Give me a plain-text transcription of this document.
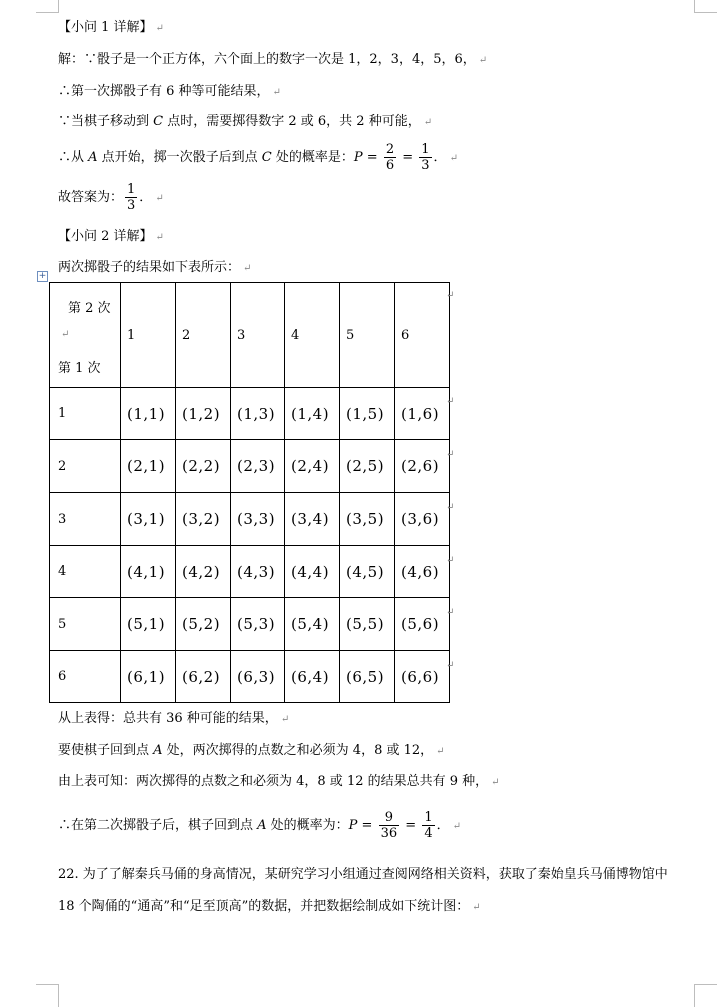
【小问 1 详解】 ↵
解：∵骰子是一个正方体，六个面上的数字一次是 1，2，3，4，5，6， ↵
∴第一次掷骰子有 6 种等可能结果， ↵
∵当棋子移动到 C 点时，需要掷得数字 2 或 6，共 2 种可能， ↵
∴从 A 点开始，掷一次骰子后到点 C 处的概率是：$P = \frac{2}{6} = \frac{1}{3}$ ． ↵
故答案为： $\frac{1}{3}$ ． ↵
【小问 2 详解】 ↵
两次掷骰子的结果如下表所示： ↵
+
第 2 次
↵
第 1 次	1	2	3	4	5	6
1	(1,1)	(1,2)	(1,3)	(1,4)	(1,5)	(1,6)
2	(2,1)	(2,2)	(2,3)	(2,4)	(2,5)	(2,6)
3	(3,1)	(3,2)	(3,3)	(3,4)	(3,5)	(3,6)
4	(4,1)	(4,2)	(4,3)	(4,4)	(4,5)	(4,6)
5	(5,1)	(5,2)	(5,3)	(5,4)	(5,5)	(5,6)
6	(6,1)	(6,2)	(6,3)	(6,4)	(6,5)	(6,6)
↵
↵
↵
↵
↵
↵
↵
从上表得：总共有 36 种可能的结果， ↵
要使棋子回到点 A 处，两次掷得的点数之和必须为 4，8 或 12， ↵
由上表可知：两次掷得的点数之和必须为 4，8 或 12 的结果总共有 9 种， ↵
∴在第二次掷骰子后，棋子回到点 A 处的概率为：$P = \frac{9}{36} = \frac{1}{4}$ ． ↵
22. 为了了解秦兵马俑的身高情况，某研究学习小组通过查阅网络相关资料，获取了秦始皇兵马俑博物馆中
18 个陶俑的“通高”和“足至顶高”的数据，并把数据绘制成如下统计图： ↵
